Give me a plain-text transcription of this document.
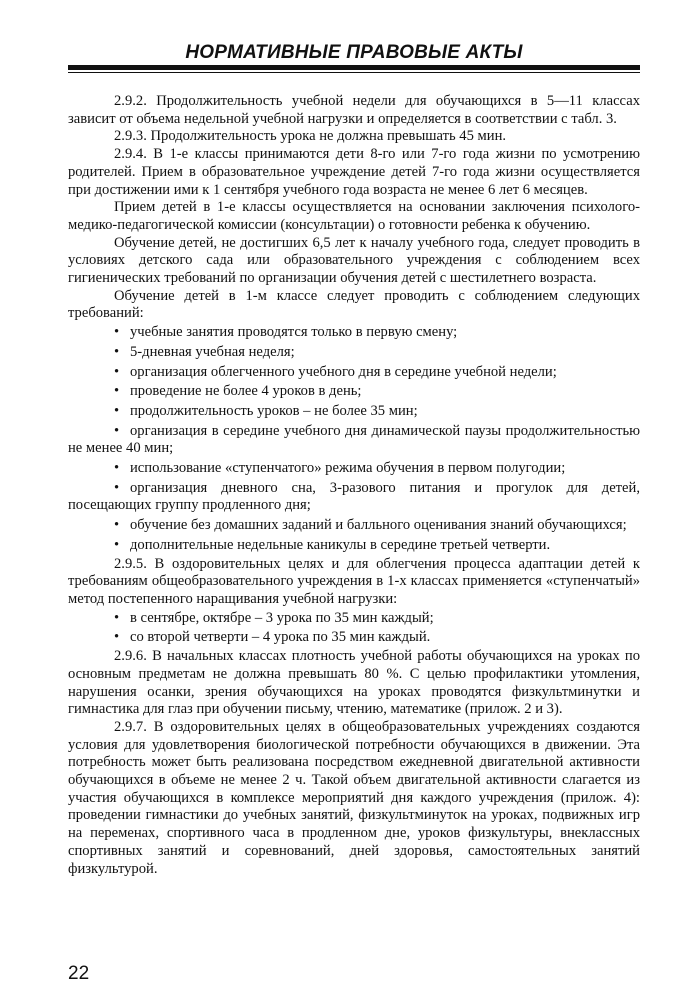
НОРМАТИВНЫЕ ПРАВОВЫЕ АКТЫ

2.9.2. Продолжительность учебной недели для обучающихся в 5—11 классах зависит от объема недельной учебной нагрузки и определяется в соответствии с табл. 3.

2.9.3. Продолжительность урока не должна превышать 45 мин.

2.9.4. В 1-е классы принимаются дети 8-го или 7-го года жизни по усмотрению родителей. Прием в образовательное учреждение детей 7-го года жизни осуществляется при достижении ими к 1 сентября учебного года возраста не менее 6 лет 6 месяцев.

Прием детей в 1-е классы осуществляется на основании заключения психолого-медико-педагогической комиссии (консультации) о готовности ребенка к обучению.

Обучение детей, не достигших 6,5 лет к началу учебного года, следует проводить в условиях детского сада или образовательного учреждения с соблюдением всех гигиенических требований по организации обучения детей с шестилетнего возраста.

Обучение детей в 1-м классе следует проводить с соблюдением следующих требований:

• учебные занятия проводятся только в первую смену;
• 5-дневная учебная неделя;
• организация облегченного учебного дня в середине учебной недели;
• проведение не более 4 уроков в день;
• продолжительность уроков – не более 35 мин;
• организация в середине учебного дня динамической паузы продолжительностью не менее 40 мин;
• использование «ступенчатого» режима обучения в первом полугодии;
• организация дневного сна, 3-разового питания и прогулок для детей, посещающих группу продленного дня;
• обучение без домашних заданий и балльного оценивания знаний обучающихся;
• дополнительные недельные каникулы в середине третьей четверти.

2.9.5. В оздоровительных целях и для облегчения процесса адаптации детей к требованиям общеобразовательного учреждения в 1-х классах применяется «ступенчатый» метод постепенного наращивания учебной нагрузки:

• в сентябре, октябре – 3 урока по 35 мин каждый;
• со второй четверти – 4 урока по 35 мин каждый.

2.9.6. В начальных классах плотность учебной работы обучающихся на уроках по основным предметам не должна превышать 80 %. С целью профилактики утомления, нарушения осанки, зрения обучающихся на уроках проводятся физкультминутки и гимнастика для глаз при обучении письму, чтению, математике (прилож. 2 и 3).

2.9.7. В оздоровительных целях в общеобразовательных учреждениях создаются условия для удовлетворения биологической потребности обучающихся в движении. Эта потребность может быть реализована посредством ежедневной двигательной активности обучающихся в объеме не менее 2 ч. Такой объем двигательной активности слагается из участия обучающихся в комплексе мероприятий дня каждого учреждения (прилож. 4): проведении гимнастики до учебных занятий, физкультминуток на уроках, подвижных игр на переменах, спортивного часа в продленном дне, уроков физкультуры, внеклассных спортивных занятий и соревнований, дней здоровья, самостоятельных занятий физкультурой.

22
